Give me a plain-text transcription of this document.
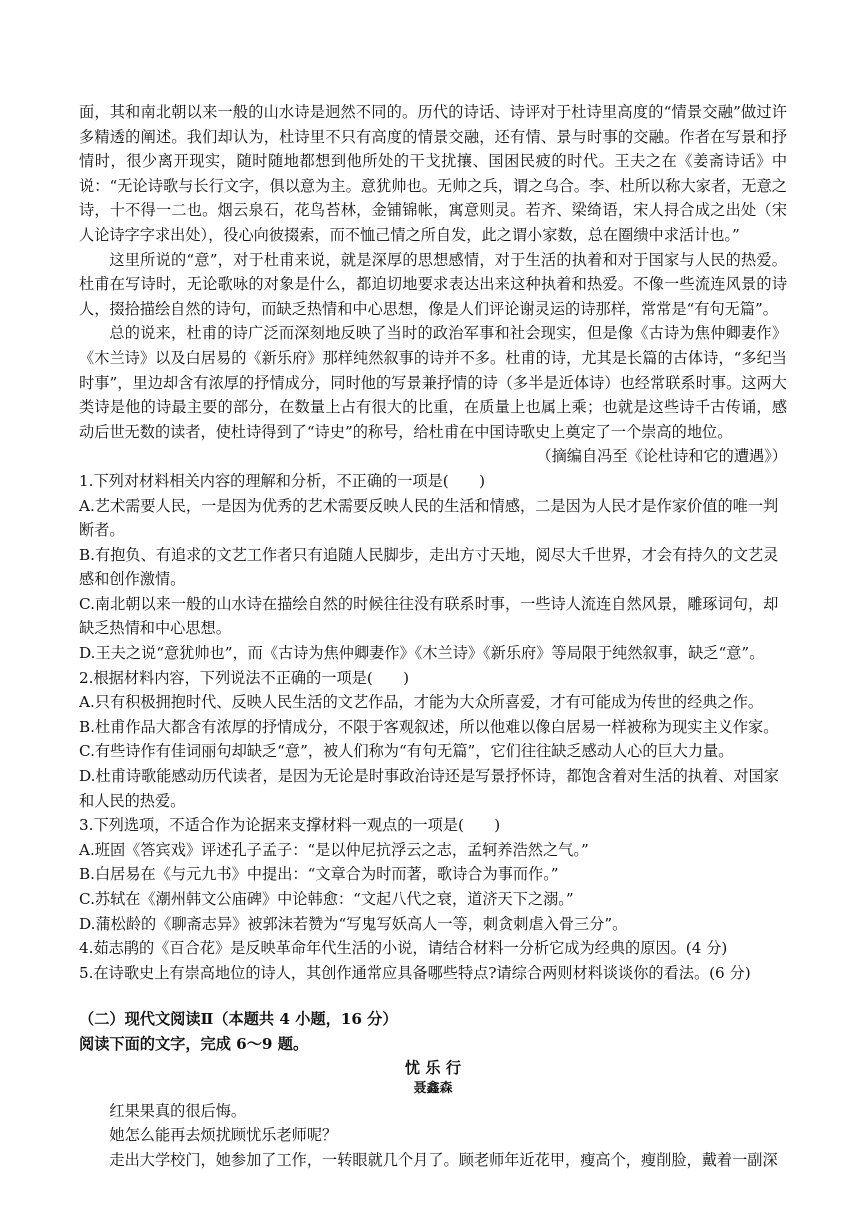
面，其和南北朝以来一般的山水诗是迥然不同的。历代的诗话、诗评对于杜诗里高度的“情景交融”做过许多精透的阐述。我们却认为，杜诗里不只有高度的情景交融，还有情、景与时事的交融。作者在写景和抒情时，很少离开现实，随时随地都想到他所处的干戈扰攘、国困民疲的时代。王夫之在《姜斋诗话》中说：“无论诗歌与长行文字，俱以意为主。意犹帅也。无帅之兵，谓之乌合。李、杜所以称大家者，无意之诗，十不得一二也。烟云泉石，花鸟苔林，金铺锦帐，寓意则灵。若齐、梁绮语，宋人挦合成之出处（宋人论诗字字求出处），役心向彼掇索，而不恤己情之所自发，此之谓小家数，总在圈缋中求活计也。”

这里所说的“意”，对于杜甫来说，就是深厚的思想感情，对于生活的执着和对于国家与人民的热爱。杜甫在写诗时，无论歌咏的对象是什么，都迫切地要求表达出来这种执着和热爱。不像一些流连风景的诗人，掇拾描绘自然的诗句，而缺乏热情和中心思想，像是人们评论谢灵运的诗那样，常常是“有句无篇”。

总的说来，杜甫的诗广泛而深刻地反映了当时的政治军事和社会现实，但是像《古诗为焦仲卿妻作》《木兰诗》以及白居易的《新乐府》那样纯然叙事的诗并不多。杜甫的诗，尤其是长篇的古体诗，“多纪当时事”，里边却含有浓厚的抒情成分，同时他的写景兼抒情的诗（多半是近体诗）也经常联系时事。这两大类诗是他的诗最主要的部分，在数量上占有很大的比重，在质量上也属上乘；也就是这些诗千古传诵，感动后世无数的读者，使杜诗得到了“诗史”的称号，给杜甫在中国诗歌史上奠定了一个崇高的地位。

（摘编自冯至《论杜诗和它的遭遇》）

1.下列对材料相关内容的理解和分析，不正确的一项是(　　)

A.艺术需要人民，一是因为优秀的艺术需要反映人民的生活和情感，二是因为人民才是作家价值的唯一判断者。

B.有抱负、有追求的文艺工作者只有追随人民脚步，走出方寸天地，阅尽大千世界，才会有持久的文艺灵感和创作激情。

C.南北朝以来一般的山水诗在描绘自然的时候往往没有联系时事，一些诗人流连自然风景，雕琢词句，却缺乏热情和中心思想。

D.王夫之说“意犹帅也”，而《古诗为焦仲卿妻作》《木兰诗》《新乐府》等局限于纯然叙事，缺乏“意”。

2.根据材料内容，下列说法不正确的一项是(　　)

A.只有积极拥抱时代、反映人民生活的文艺作品，才能为大众所喜爱，才有可能成为传世的经典之作。

B.杜甫作品大都含有浓厚的抒情成分，不限于客观叙述，所以他难以像白居易一样被称为现实主义作家。

C.有些诗作有佳词丽句却缺乏“意”，被人们称为“有句无篇”，它们往往缺乏感动人心的巨大力量。

D.杜甫诗歌能感动历代读者，是因为无论是时事政治诗还是写景抒怀诗，都饱含着对生活的执着、对国家和人民的热爱。

3.下列选项，不适合作为论据来支撑材料一观点的一项是(　　)

A.班固《答宾戏》评述孔子孟子：“是以仲尼抗浮云之志，孟轲养浩然之气。”

B.白居易在《与元九书》中提出：“文章合为时而著，歌诗合为事而作。”

C.苏轼在《潮州韩文公庙碑》中论韩愈：“文起八代之衰，道济天下之溺。”

D.蒲松龄的《聊斋志异》被郭沫若赞为“写鬼写妖高人一等，刺贪刺虐入骨三分”。

4.茹志鹃的《百合花》是反映革命年代生活的小说，请结合材料一分析它成为经典的原因。(4 分)

5.在诗歌史上有崇高地位的诗人，其创作通常应具备哪些特点?请综合两则材料谈谈你的看法。(6 分)

（二）现代文阅读Ⅱ（本题共 4 小题，16 分）

阅读下面的文字，完成 6～9 题。

忧 乐 行

聂鑫森

红果果真的很后悔。

她怎么能再去烦扰顾忧乐老师呢？

走出大学校门，她参加了工作，一转眼就几个月了。顾老师年近花甲，瘦高个，瘦削脸，戴着一副深
